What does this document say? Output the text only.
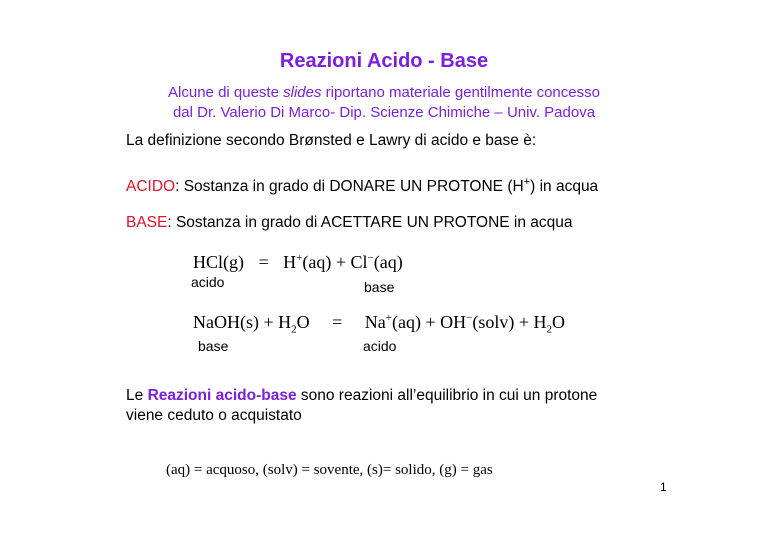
Reazioni Acido - Base
Alcune di queste slides riportano materiale gentilmente concesso
dal Dr. Valerio Di Marco- Dip. Scienze Chimiche – Univ. Padova
La definizione secondo Brønsted e Lawry di acido e base è:
ACIDO: Sostanza in grado di DONARE UN PROTONE (H+) in acqua
BASE: Sostanza in grado di ACETTARE UN PROTONE in acqua
HCl(g) = H+(aq) + Cl−(aq)
acido	base
NaOH(s) + $H_2O = Na^+(aq)$ + OH−(solv) + $H_2O$
base	acido
Le Reazioni acido-base sono reazioni all’equilibrio in cui un protone
viene ceduto o acquistato
(aq) = acquoso, (solv) = sovente, (s)= solido, (g) = gas
1
